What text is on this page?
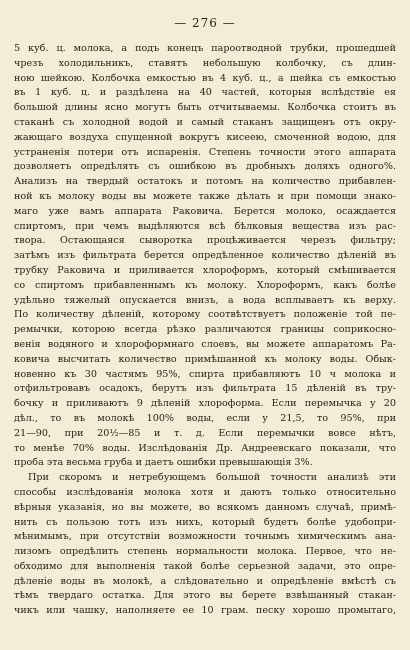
— 276 —
5 куб. ц. молока, а подъ конецъ пароотводной трубки, прошедшей
чрезъ холодильникъ, ставятъ небольшую колбочку, съ длин-
ною шейкою. Колбочка емкостью въ 4 куб. ц., а шейка съ емкостью
въ 1 куб. ц. и раздѣлена на 40 частей, которыя вслѣдствіе ея
большой длины ясно могутъ быть отчитываемы. Колбочка стоитъ въ
стаканѣ съ холодной водой и самый стаканъ защищенъ отъ окру-
жающаго воздуха спущенной вокругъ кисеею, смоченной водою, для
устраненія потери отъ испаренія. Степень точности этого аппарата
дозволяетъ опредѣлять съ ошибкою въ дробныхъ доляхъ одного%.
Анализъ на твердый остатокъ и потомъ на количество прибавлен-
ной къ молоку воды вы можете также дѣлать и при помощи знако-
маго уже вамъ аппарата Раковича. Берется молоко, осаждается
спиртомъ, при чемъ выдѣляются всѣ бѣлковыя вещества изъ рас-
твора. Остающаяся сыворотка процѣживается черезъ фильтру;
затѣмъ изъ фильтрата берется опредѣленное количество дѣленій въ
трубку Раковича и приливается хлороформъ, который смѣшивается
со спиртомъ прибавленнымъ къ молоку. Хлороформъ, какъ болѣе
удѣльно тяжелый опускается внизъ, а вода всплываетъ къ верху.
По количеству дѣленій, которому соотвѣтствуетъ положеніе той пе-
ремычки, которою всегда рѣзко различаются границы соприкосно-
венія водяного и хлороформнаго слоевъ, вы можете аппаратомъ Ра-
ковича высчитать количество примѣшанной къ молоку воды. Обык-
новенно къ 30 частямъ 95%, спирта прибавляютъ 10 ч молока и
отфильтровавъ осадокъ, берутъ изъ фильтрата 15 дѣленій въ тру-
бочку и приливаютъ 9 дѣленій хлороформа. Если перемычка у 20
дѣл., то въ молокѣ 100% воды, если у 21,5, то 95%, при
21—90, при 20½—85 и т. д. Если перемычки вовсе нѣтъ,
то менѣе 70% воды. Изслѣдованія Др. Андреевскаго показали, что
проба эта весьма груба и даетъ ошибки превышающія 3%.
При скоромъ и нетребующемъ большой точности анализѣ эти
способы изслѣдованія молока хотя и даютъ только относительно
вѣрныя указанія, но вы можете, во всякомъ данномъ случаѣ, примѣ-
нить съ пользою тотъ изъ нихъ, который будетъ болѣе удобопри-
мѣнимымъ, при отсутствіи возможности точнымъ химическимъ ана-
лизомъ опредѣлить степень нормальности молока. Первое, что не-
обходимо для выполненія такой болѣе серьезной задачи, это опре-
дѣленіе воды въ молокѣ, а слѣдовательно и опредѣленіе вмѣстѣ съ
тѣмъ твердаго остатка. Для этого вы берете взвѣшанный стакан-
чикъ или чашку, наполняете ее 10 грам. песку хорошо промытаго,
